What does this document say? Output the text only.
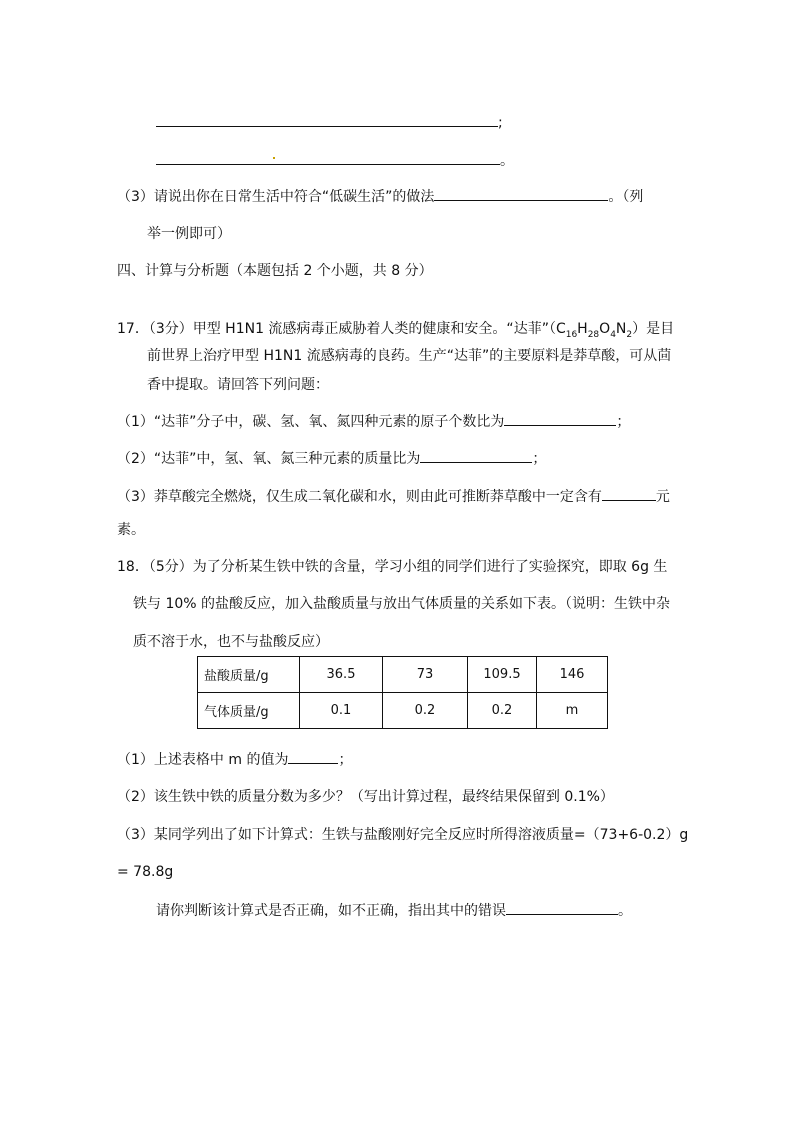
;
。
（3）请说出你在日常生活中符合“低碳生活”的做法	。（列
举一例即可）
四、计算与分析题（本题包括 2 个小题，共 8 分）
17．（3分）甲型 H1N1 流感病毒正威胁着人类的健康和安全。“达菲$”(C_{16}H_{28}O_4N_2)$是目
前世界上治疗甲型 H1N1 流感病毒的良药。生产“达菲”的主要原料是莽草酸，可从茴
香中提取。请回答下列问题：
（1）“达菲”分子中，碳、氢、氧、氮四种元素的原子个数比为	；
（2）“达菲”中，氢、氧、氮三种元素的质量比为	；
（3）莽草酸完全燃烧，仅生成二氧化碳和水，则由此可推断莽草酸中一定含有	元
素。
18．（5分）为了分析某生铁中铁的含量，学习小组的同学们进行了实验探究，即取 6g 生
铁与 10% 的盐酸反应，加入盐酸质量与放出气体质量的关系如下表。（说明：生铁中杂
质不溶于水，也不与盐酸反应）
盐酸质量/g	36.5	73	109.5	146
气体质量/g	0.1	0.2	0.2	m
（1）上述表格中 m 的值为	；
（2）该生铁中铁的质量分数为多少？（写出计算过程，最终结果保留到 0.1%）
（3）某同学列出了如下计算式：生铁与盐酸刚好完全反应时所得溶液质量=（73+6-0.2）g
= 78.8g
请你判断该计算式是否正确，如不正确，指出其中的错误	。
